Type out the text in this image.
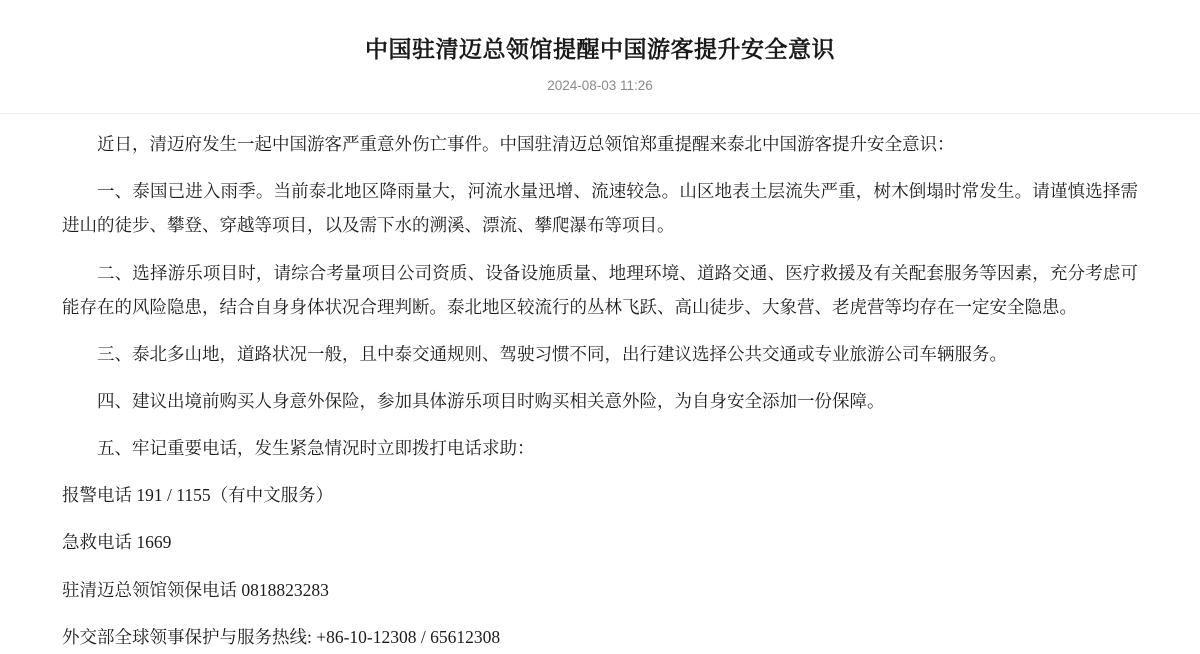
中国驻清迈总领馆提醒中国游客提升安全意识
2024-08-03 11:26

近日，清迈府发生一起中国游客严重意外伤亡事件。中国驻清迈总领馆郑重提醒来泰北中国游客提升安全意识：

一、泰国已进入雨季。当前泰北地区降雨量大，河流水量迅增、流速较急。山区地表土层流失严重，树木倒塌时常发生。请谨慎选择需进山的徒步、攀登、穿越等项目，以及需下水的溯溪、漂流、攀爬瀑布等项目。

二、选择游乐项目时，请综合考量项目公司资质、设备设施质量、地理环境、道路交通、医疗救援及有关配套服务等因素，充分考虑可能存在的风险隐患，结合自身身体状况合理判断。泰北地区较流行的丛林飞跃、高山徒步、大象营、老虎营等均存在一定安全隐患。

三、泰北多山地，道路状况一般，且中泰交通规则、驾驶习惯不同，出行建议选择公共交通或专业旅游公司车辆服务。

四、建议出境前购买人身意外保险，参加具体游乐项目时购买相关意外险，为自身安全添加一份保障。

五、牢记重要电话，发生紧急情况时立即拨打电话求助：

报警电话 191 / 1155（有中文服务）

急救电话 1669

驻清迈总领馆领保电话 0818823283

外交部全球领事保护与服务热线: +86-10-12308 / 65612308
